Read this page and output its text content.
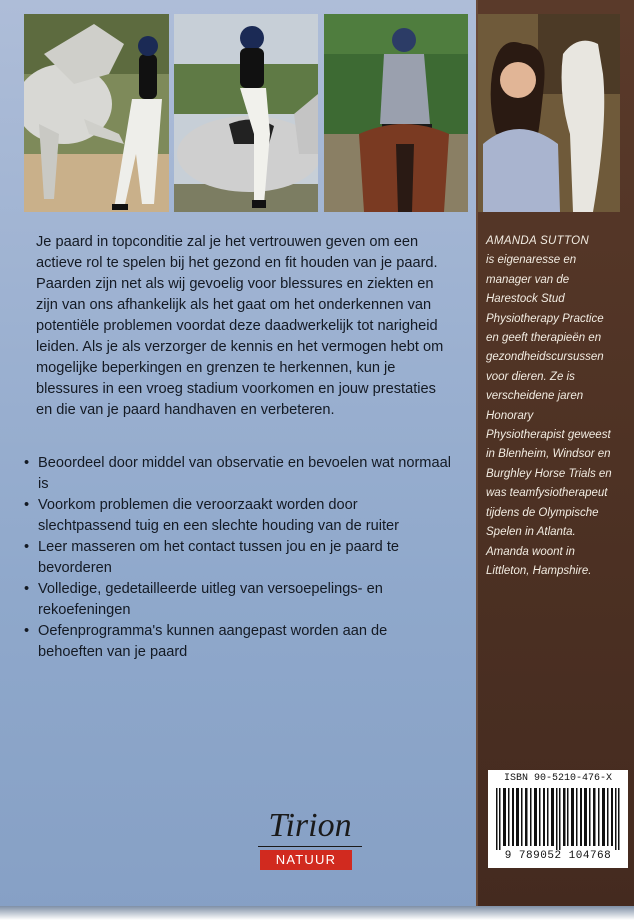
Je paard in topconditie zal je het vertrouwen geven om een actieve rol te spelen bij het gezond en fit houden van je paard. Paarden zijn net als wij gevoelig voor blessures en ziekten en zijn van ons afhankelijk als het gaat om het onderkennen van potentiële problemen voordat deze daadwerkelijk tot narigheid leiden. Als je als verzorger de kennis en het vermogen hebt om mogelijke beperkingen en grenzen te herkennen, kun je blessures in een vroeg stadium voorkomen en jouw prestaties en die van je paard handhaven en verbeteren.

• Beoordeel door middel van observatie en bevoelen wat normaal is
• Voorkom problemen die veroorzaakt worden door slechtpassend tuig en een slechte houding van de ruiter
• Leer masseren om het contact tussen jou en je paard te bevorderen
• Volledige, gedetailleerde uitleg van versoepelings- en rekoefeningen
• Oefenprogramma's kunnen aangepast worden aan de behoeften van je paard
AMANDA SUTTON
is eigenaresse en manager van de Harestock Stud Physiotherapy Practice en geeft therapieën en gezondheidscursussen voor dieren. Ze is verscheidene jaren Honorary Physiotherapist geweest in Blenheim, Windsor en Burghley Horse Trials en was teamfysiotherapeut tijdens de Olympische Spelen in Atlanta. Amanda woont in Littleton, Hampshire.
ISBN 90-5210-476-X
9 789052 104768
Tirion
NATUUR
